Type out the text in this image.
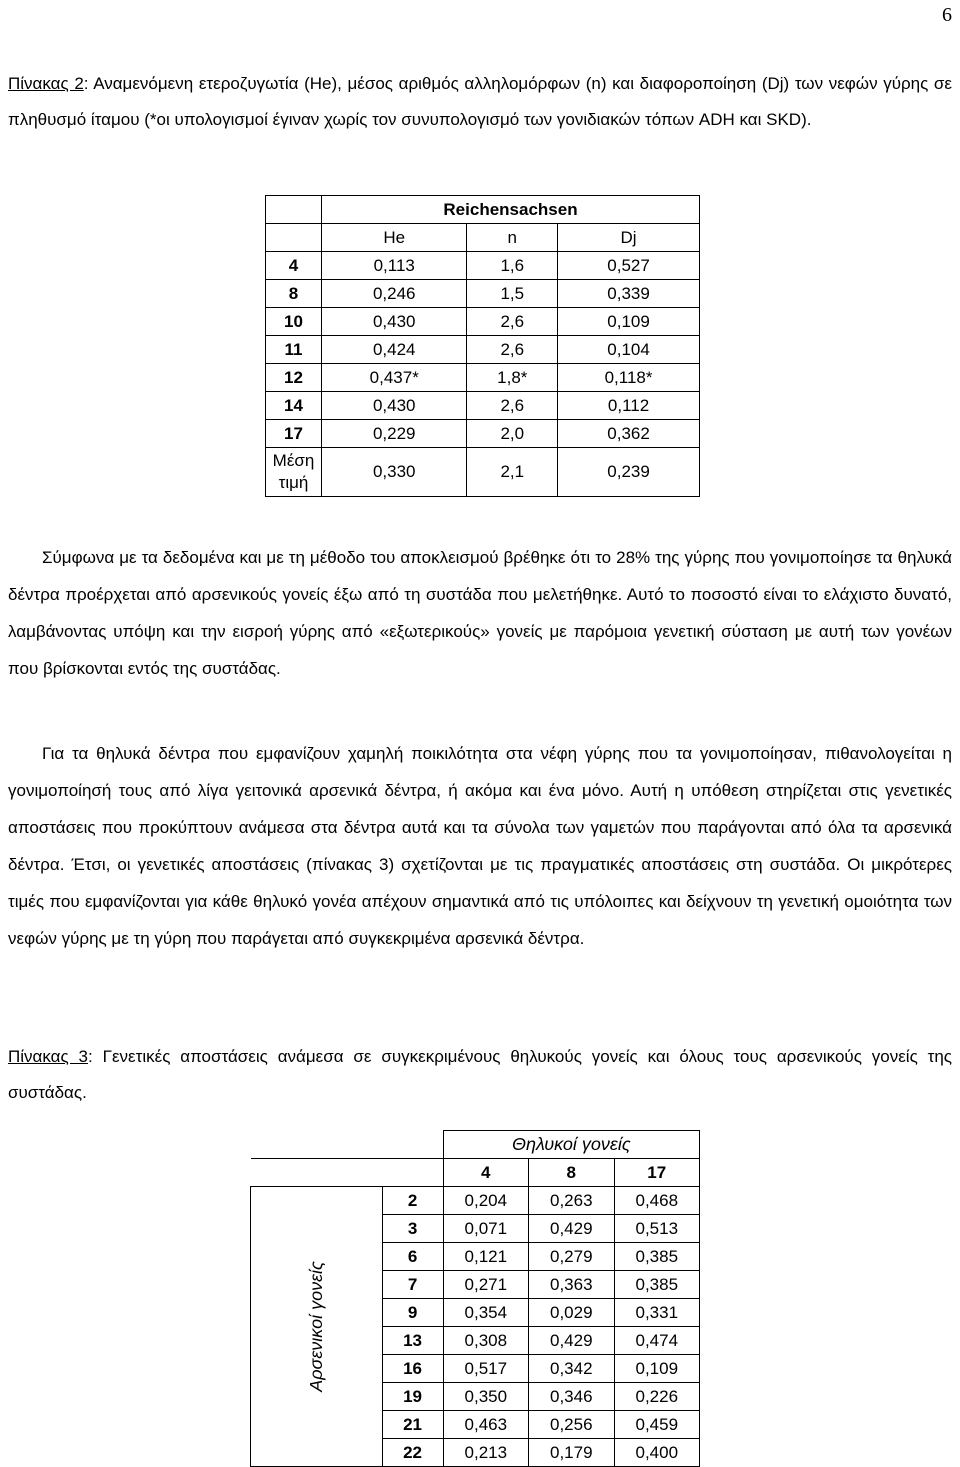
6

Πίνακας 2: Αναμενόμενη ετεροζυγωτία (He), μέσος αριθμός αλληλομόρφων (n) και διαφοροποίηση (Dj) των νεφών γύρης σε πληθυσμό ίταμου (*οι υπολογισμοί έγιναν χωρίς τον συνυπολογισμό των γονιδιακών τόπων ADH και SKD).

	Reichensachsen		
	He	n	Dj
4	0,113	1,6	0,527
8	0,246	1,5	0,339
10	0,430	2,6	0,109
11	0,424	2,6	0,104
12	0,437*	1,8*	0,118*
14	0,430	2,6	0,112
17	0,229	2,0	0,362
Μέση
τιμή	0,330	2,1	0,239

Σύμφωνα με τα δεδομένα και με τη μέθοδο του αποκλεισμού βρέθηκε ότι το 28% της γύρης που γονιμοποίησε τα θηλυκά δέντρα προέρχεται από αρσενικούς γονείς έξω από τη συστάδα που μελετήθηκε. Αυτό το ποσοστό είναι το ελάχιστο δυνατό, λαμβάνοντας υπόψη και την εισροή γύρης από «εξωτερικούς» γονείς με παρόμοια γενετική σύσταση με αυτή των γονέων που βρίσκονται εντός της συστάδας.

Για τα θηλυκά δέντρα που εμφανίζουν χαμηλή ποικιλότητα στα νέφη γύρης που τα γονιμοποίησαν, πιθανολογείται η γονιμοποίησή τους από λίγα γειτονικά αρσενικά δέντρα, ή ακόμα και ένα μόνο. Αυτή η υπόθεση στηρίζεται στις γενετικές αποστάσεις που προκύπτουν ανάμεσα στα δέντρα αυτά και τα σύνολα των γαμετών που παράγονται από όλα τα αρσενικά δέντρα. Έτσι, οι γενετικές αποστάσεις (πίνακας 3) σχετίζονται με τις πραγματικές αποστάσεις στη συστάδα. Οι μικρότερες τιμές που εμφανίζονται για κάθε θηλυκό γονέα απέχουν σημαντικά από τις υπόλοιπες και δείχνουν τη γενετική ομοιότητα των νεφών γύρης με τη γύρη που παράγεται από συγκεκριμένα αρσενικά δέντρα.

Πίνακας 3: Γενετικές αποστάσεις ανάμεσα σε συγκεκριμένους θηλυκούς γονείς και όλους τους αρσενικούς γονείς της συστάδας.

		Θηλυκοί γονείς		
		4	8	17
Αρσενικοί γονείς	2	0,204	0,263	0,468
	3	0,071	0,429	0,513
	6	0,121	0,279	0,385
	7	0,271	0,363	0,385
	9	0,354	0,029	0,331
	13	0,308	0,429	0,474
	16	0,517	0,342	0,109
	19	0,350	0,346	0,226
	21	0,463	0,256	0,459
	22	0,213	0,179	0,400
